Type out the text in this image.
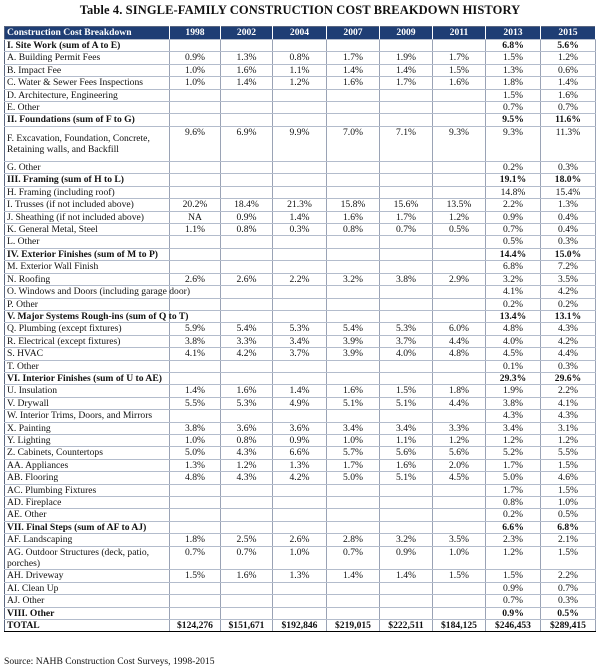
Table 4. SINGLE-FAMILY CONSTRUCTION COST BREAKDOWN HISTORY
Construction Cost Breakdown	1998	2002	2004	2007	2009	2011	2013	2015
I. Site Work (sum of A to E)							6.8%	5.6%
A. Building Permit Fees	0.9%	1.3%	0.8%	1.7%	1.9%	1.7%	1.5%	1.2%
B. Impact Fee	1.0%	1.6%	1.1%	1.4%	1.4%	1.5%	1.3%	0.6%
C. Water & Sewer Fees Inspections	1.0%	1.4%	1.2%	1.6%	1.7%	1.6%	1.8%	1.4%
D. Architecture, Engineering							1.5%	1.6%
E. Other							0.7%	0.7%
II. Foundations (sum of F to G)							9.5%	11.6%
F. Excavation, Foundation, Concrete, Retaining walls, and Backfill	9.6%	6.9%	9.9%	7.0%	7.1%	9.3%	9.3%	11.3%
G. Other							0.2%	0.3%
III. Framing (sum of H to L)							19.1%	18.0%
H. Framing (including roof)							14.8%	15.4%
I. Trusses (if not included above)	20.2%	18.4%	21.3%	15.8%	15.6%	13.5%	2.2%	1.3%
J. Sheathing (if not included above)	NA	0.9%	1.4%	1.6%	1.7%	1.2%	0.9%	0.4%
K. General Metal, Steel	1.1%	0.8%	0.3%	0.8%	0.7%	0.5%	0.7%	0.4%
L. Other							0.5%	0.3%
IV. Exterior Finishes (sum of M to P)							14.4%	15.0%
M. Exterior Wall Finish							6.8%	7.2%
N. Roofing	2.6%	2.6%	2.2%	3.2%	3.8%	2.9%	3.2%	3.5%
O. Windows and Doors (including garage door)							4.1%	4.2%
P. Other							0.2%	0.2%
V. Major Systems Rough-ins (sum of Q to T)							13.4%	13.1%
Q. Plumbing (except fixtures)	5.9%	5.4%	5.3%	5.4%	5.3%	6.0%	4.8%	4.3%
R. Electrical (except fixtures)	3.8%	3.3%	3.4%	3.9%	3.7%	4.4%	4.0%	4.2%
S. HVAC	4.1%	4.2%	3.7%	3.9%	4.0%	4.8%	4.5%	4.4%
T. Other							0.1%	0.3%
VI. Interior Finishes (sum of U to AE)							29.3%	29.6%
U. Insulation	1.4%	1.6%	1.4%	1.6%	1.5%	1.8%	1.9%	2.2%
V. Drywall	5.5%	5.3%	4.9%	5.1%	5.1%	4.4%	3.8%	4.1%
W. Interior Trims, Doors, and Mirrors							4.3%	4.3%
X. Painting	3.8%	3.6%	3.6%	3.4%	3.4%	3.3%	3.4%	3.1%
Y. Lighting	1.0%	0.8%	0.9%	1.0%	1.1%	1.2%	1.2%	1.2%
Z. Cabinets, Countertops	5.0%	4.3%	6.6%	5.7%	5.6%	5.6%	5.2%	5.5%
AA. Appliances	1.3%	1.2%	1.3%	1.7%	1.6%	2.0%	1.7%	1.5%
AB. Flooring	4.8%	4.3%	4.2%	5.0%	5.1%	4.5%	5.0%	4.6%
AC. Plumbing Fixtures							1.7%	1.5%
AD. Fireplace							0.8%	1.0%
AE. Other							0.2%	0.5%
VII. Final Steps (sum of AF to AJ)							6.6%	6.8%
AF. Landscaping	1.8%	2.5%	2.6%	2.8%	3.2%	3.5%	2.3%	2.1%
AG. Outdoor Structures (deck, patio, porches)	0.7%	0.7%	1.0%	0.7%	0.9%	1.0%	1.2%	1.5%
AH. Driveway	1.5%	1.6%	1.3%	1.4%	1.4%	1.5%	1.5%	2.2%
AI. Clean Up							0.9%	0.7%
AJ. Other							0.7%	0.3%
VIII. Other							0.9%	0.5%
TOTAL	$124,276	$151,671	$192,846	$219,015	$222,511	$184,125	$246,453	$289,415
Source: NAHB Construction Cost Surveys, 1998-2015
